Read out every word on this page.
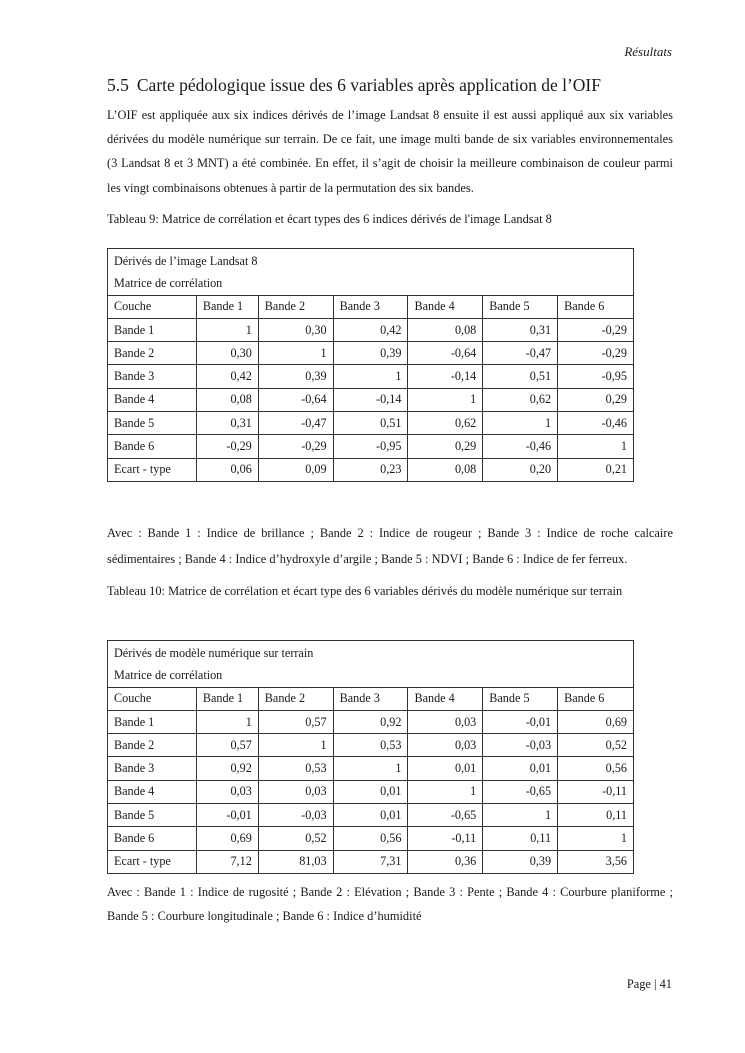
Résultats
5.5 Carte pédologique issue des 6 variables après application de l’OIF

L’OIF est appliquée aux six indices dérivés de l’image Landsat 8 ensuite il est aussi appliqué aux six variables dérivées du modèle numérique sur terrain. De ce fait, une image multi bande de six variables environnementales (3 Landsat 8 et 3 MNT) a été combinée. En effet, il s’agit de choisir la meilleure combinaison de couleur parmi les vingt combinaisons obtenues à partir de la permutation des six bandes.

Tableau 9: Matrice de corrélation et écart types des 6 indices dérivés de l'image Landsat 8

Dérivés de l’image Landsat 8						
Matrice de corrélation						
Couche	Bande 1	Bande 2	Bande 3	Bande 4	Bande 5	Bande 6
Bande 1	1	0,30	0,42	0,08	0,31	-0,29
Bande 2	0,30	1	0,39	-0,64	-0,47	-0,29
Bande 3	0,42	0,39	1	-0,14	0,51	-0,95
Bande 4	0,08	-0,64	-0,14	1	0,62	0,29
Bande 5	0,31	-0,47	0,51	0,62	1	-0,46
Bande 6	-0,29	-0,29	-0,95	0,29	-0,46	1
Ecart - type	0,06	0,09	0,23	0,08	0,20	0,21

Avec : Bande 1 : Indice de brillance ; Bande 2 : Indice de rougeur ; Bande 3 : Indice de roche calcaire sédimentaires ; Bande 4 : Indice d’hydroxyle d’argile ; Bande 5 : NDVI ; Bande 6 : Indice de fer ferreux.

Tableau 10: Matrice de corrélation et écart type des 6 variables dérivés du modèle numérique sur terrain

Dérivés de modèle numérique sur terrain						
Matrice de corrélation						
Couche	Bande 1	Bande 2	Bande 3	Bande 4	Bande 5	Bande 6
Bande 1	1	0,57	0,92	0,03	-0,01	0,69
Bande 2	0,57	1	0,53	0,03	-0,03	0,52
Bande 3	0,92	0,53	1	0,01	0,01	0,56
Bande 4	0,03	0,03	0,01	1	-0,65	-0,11
Bande 5	-0,01	-0,03	0,01	-0,65	1	0,11
Bande 6	0,69	0,52	0,56	-0,11	0,11	1
Ecart - type	7,12	81,03	7,31	0,36	0,39	3,56

Avec : Bande 1 : Indice de rugosité ; Bande 2 : Elévation ; Bande 3 : Pente ; Bande 4 : Courbure planiforme ; Bande 5 : Courbure longitudinale ; Bande 6 : Indice d’humidité

Page | 41
